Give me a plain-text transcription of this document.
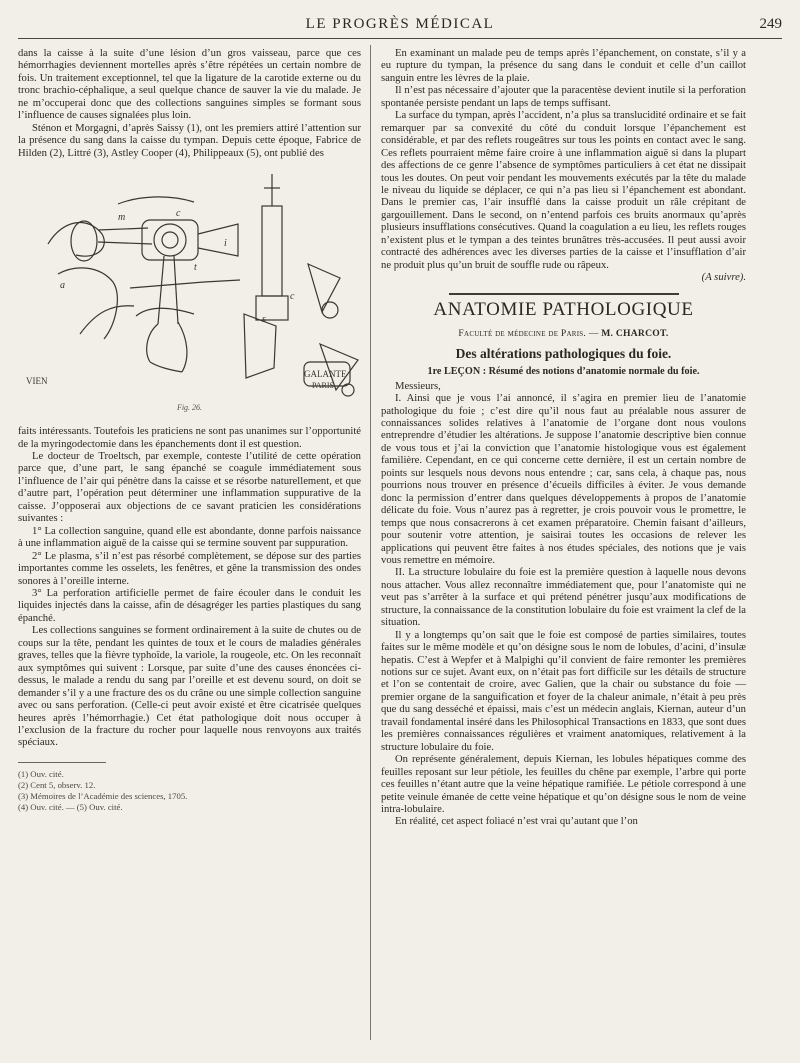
LE PROGRÈS MÉDICAL	249

dans la caisse à la suite d’une lésion d’un gros vaisseau, parce que ces hémorrhagies deviennent mortelles après s’être répétées un certain nombre de fois. Un traitement exceptionnel, tel que la ligature de la carotide externe ou du tronc brachio-céphalique, a seul quelque chance de sauver la vie du malade. Je ne m’occuperai donc que des collections sanguines simples se formant sous l’influence de causes signalées plus loin.

Sténon et Morgagni, d’après Saissy (1), ont les premiers attiré l’attention sur la présence du sang dans la caisse du tympan. Depuis cette époque, Fabrice de Hilden (2), Littré (3), Astley Cooper (4), Philippeaux (5), ont publié des

m	c
i
t
s
c
a
VIEN
GALANTE
PARIS
Fig. 26.

faits intéressants. Toutefois les praticiens ne sont pas unanimes sur l’opportunité de la myringodectomie dans les épanchements dont il est question.

Le docteur de Troeltsch, par exemple, conteste l’utilité de cette opération parce que, d’une part, le sang épanché se coagule immédiatement sous l’influence de l’air qui pénètre dans la caisse et se résorbe naturellement, et que d’autre part, l’opération peut déterminer une inflammation suppurative de la caisse. J’opposerai aux objections de ce savant praticien les considérations suivantes :

1° La collection sanguine, quand elle est abondante, donne parfois naissance à une inflammation aiguë de la caisse qui se termine souvent par suppuration.

2° Le plasma, s’il n’est pas résorbé complètement, se dépose sur des parties importantes comme les osselets, les fenêtres, et gêne la transmission des ondes sonores à l’oreille interne.

3° La perforation artificielle permet de faire écouler dans le conduit les liquides injectés dans la caisse, afin de désagréger les parties plastiques du sang épanché.

Les collections sanguines se forment ordinairement à la suite de chutes ou de coups sur la tête, pendant les quintes de toux et le cours de maladies générales graves, telles que la fièvre typhoïde, la variole, la rougeole, etc. On les reconnaît aux symptômes qui suivent : Lorsque, par suite d’une des causes énoncées ci-dessus, le malade a rendu du sang par l’oreille et est devenu sourd, on doit se demander s’il y a une fracture des os du crâne ou une simple collection sanguine avec ou sans perforation. (Celle-ci peut avoir existé et être cicatrisée quelques heures après l’hémorrhagie.) Cet état pathologique doit nous occuper à l’exclusion de la fracture du rocher pour laquelle nous renvoyons aux traités spéciaux.

(1) Ouv. cité.
(2) Cent 5, observ. 12.
(3) Mémoires de l’Académie des sciences, 1705.
(4) Ouv. cité. — (5) Ouv. cité.

En examinant un malade peu de temps après l’épanchement, on constate, s’il y a eu rupture du tympan, la présence du sang dans le conduit et celle d’un caillot sanguin entre les lèvres de la plaie.

Il n’est pas nécessaire d’ajouter que la paracentèse devient inutile si la perforation spontanée persiste pendant un laps de temps suffisant.

La surface du tympan, après l’accident, n’a plus sa translucidité ordinaire et se fait remarquer par sa convexité du côté du conduit lorsque l’épanchement est considérable, et par des reflets rougeâtres sur tous les points en contact avec le sang. Ces reflets pourraient même faire croire à une inflammation aiguë si dans la plupart des affections de ce genre l’absence de symptômes particuliers à cet état ne dissipait tous les doutes. On peut voir pendant les mouvements exécutés par la tête du malade le niveau du liquide se déplacer, ce qui n’a pas lieu si l’épanchement est abondant. Dans le premier cas, l’air insufflé dans la caisse produit un râle crépitant de gargouillement. Dans le second, on n’entend parfois ces bruits anormaux qu’après plusieurs insufflations consécutives. Quand la coagulation a eu lieu, les reflets rouges n’existent plus et le tympan a des teintes brunâtres très-accusées. Il peut aussi avoir contracté des adhérences avec les diverses parties de la caisse et l’insufflation d’air ne produit plus qu’un bruit de souffle rude ou râpeux.

(A suivre).
ANATOMIE PATHOLOGIQUE
Faculté de médecine de Paris. — M. CHARCOT.
Des altérations pathologiques du foie.
1re LEÇON : Résumé des notions d’anatomie normale du foie.

Messieurs,

I. Ainsi que je vous l’ai annoncé, il s’agira en premier lieu de l’anatomie pathologique du foie ; c’est dire qu’il nous faut au préalable nous assurer de connaissances solides relatives à l’anatomie de l’organe dont nous voulons entreprendre d’étudier les altérations. Je suppose l’anatomie descriptive bien connue de vous tous et j’ai la conviction que l’anatomie histologique vous est également familière. Cependant, en ce qui concerne cette dernière, il est un certain nombre de points sur lesquels nous devons nous entendre ; car, sans cela, à chaque pas, nous pourrions nous trouver en présence d’écueils difficiles à éviter. Je vous demande donc la permission d’entrer dans quelques développements à propos de l’anatomie délicate du foie. Vous n’aurez pas à regretter, je crois pouvoir vous le promettre, le temps que nous consacrerons à cet examen préparatoire. Chemin faisant d’ailleurs, pour soutenir votre attention, je saisirai toutes les occasions de relever les applications qui peuvent être faites à nos études spéciales, des notions que je vais vous remettre en mémoire.

II. La structure lobulaire du foie est la première question à laquelle nous devons nous attacher. Vous allez reconnaître immédiatement que, pour l’anatomiste qui ne veut pas s’arrêter à la surface et qui prétend pénétrer jusqu’aux modifications de structure, la connaissance de la constitution lobulaire du foie est vraiment la clef de la situation.

Il y a longtemps qu’on sait que le foie est composé de parties similaires, toutes faites sur le même modèle et qu’on désigne sous le nom de lobules, d’acini, d’insulæ hepatis. C’est à Wepfer et à Malpighi qu’il convient de faire remonter les premières notions sur ce sujet. Avant eux, on n’était pas fort difficile sur les détails de structure et l’on se contentait de croire, avec Galien, que la chair ou substance du foie — premier organe de la sanguification et foyer de la chaleur animale, n’était à peu près que du sang desséché et épaissi, mais c’est un médecin anglais, Kiernan, auteur d’un travail fondamental inséré dans les Philosophical Transactions en 1833, que sont dues les premières connaissances régulières et vraiment anatomiques, relativement à la structure lobulaire du foie.

On représente généralement, depuis Kiernan, les lobules hépatiques comme des feuilles reposant sur leur pétiole, les feuilles du chêne par exemple, l’arbre qui porte ces feuilles n’étant autre que la veine hépatique ramifiée. Le pétiole correspond à une petite veinule émanée de cette veine hépatique et qu’on désigne sous le nom de veine intra-lobulaire.

En réalité, cet aspect foliacé n’est vrai qu’autant que l’on
